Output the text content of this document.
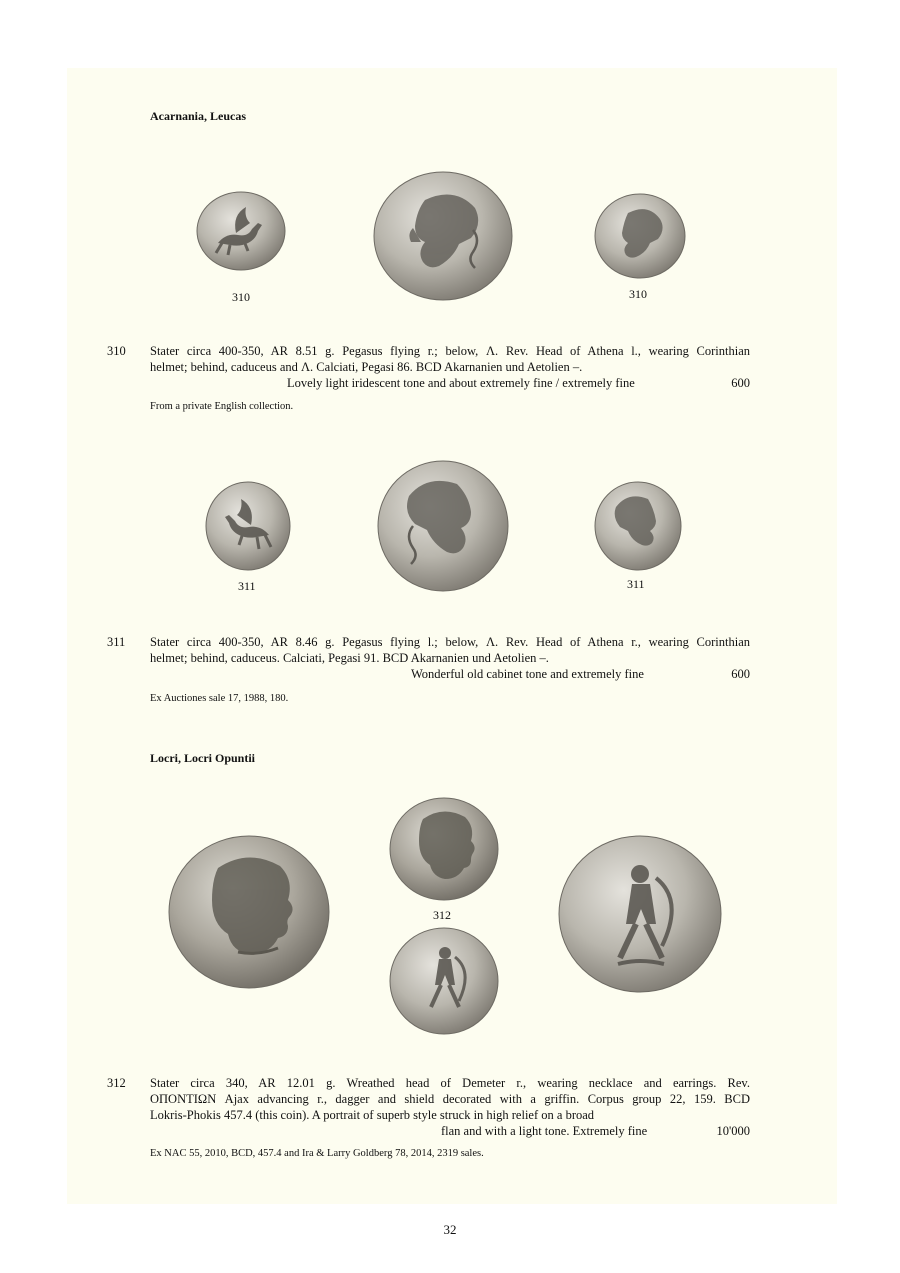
Acarnania, Leucas
310	310
310 Stater circa 400-350, AR 8.51 g. Pegasus flying r.; below, Λ. Rev. Head of Athena l., wearing Corinthian
helmet; behind, caduceus and Λ. Calciati, Pegasi 86. BCD Akarnanien und Aetolien –.
Lovely light iridescent tone and about extremely fine / extremely fine	600
From a private English collection.
311	311
311 Stater circa 400-350, AR 8.46 g. Pegasus flying l.; below, Λ. Rev. Head of Athena r., wearing Corinthian
helmet; behind, caduceus. Calciati, Pegasi 91. BCD Akarnanien und Aetolien –.
Wonderful old cabinet tone and extremely fine	600
Ex Auctiones sale 17, 1988, 180.
Locri, Locri Opuntii
312
312 Stater circa 340, AR 12.01 g. Wreathed head of Demeter r., wearing necklace and earrings. Rev.
ΟΠΟΝΤΙΩΝ Ajax advancing r., dagger and shield decorated with a griffin. Corpus group 22, 159. BCD
Lokris-Phokis 457.4 (this coin). A portrait of superb style struck in high relief on a broad
flan and with a light tone. Extremely fine	10'000
Ex NAC 55, 2010, BCD, 457.4 and Ira & Larry Goldberg 78, 2014, 2319 sales.
32
